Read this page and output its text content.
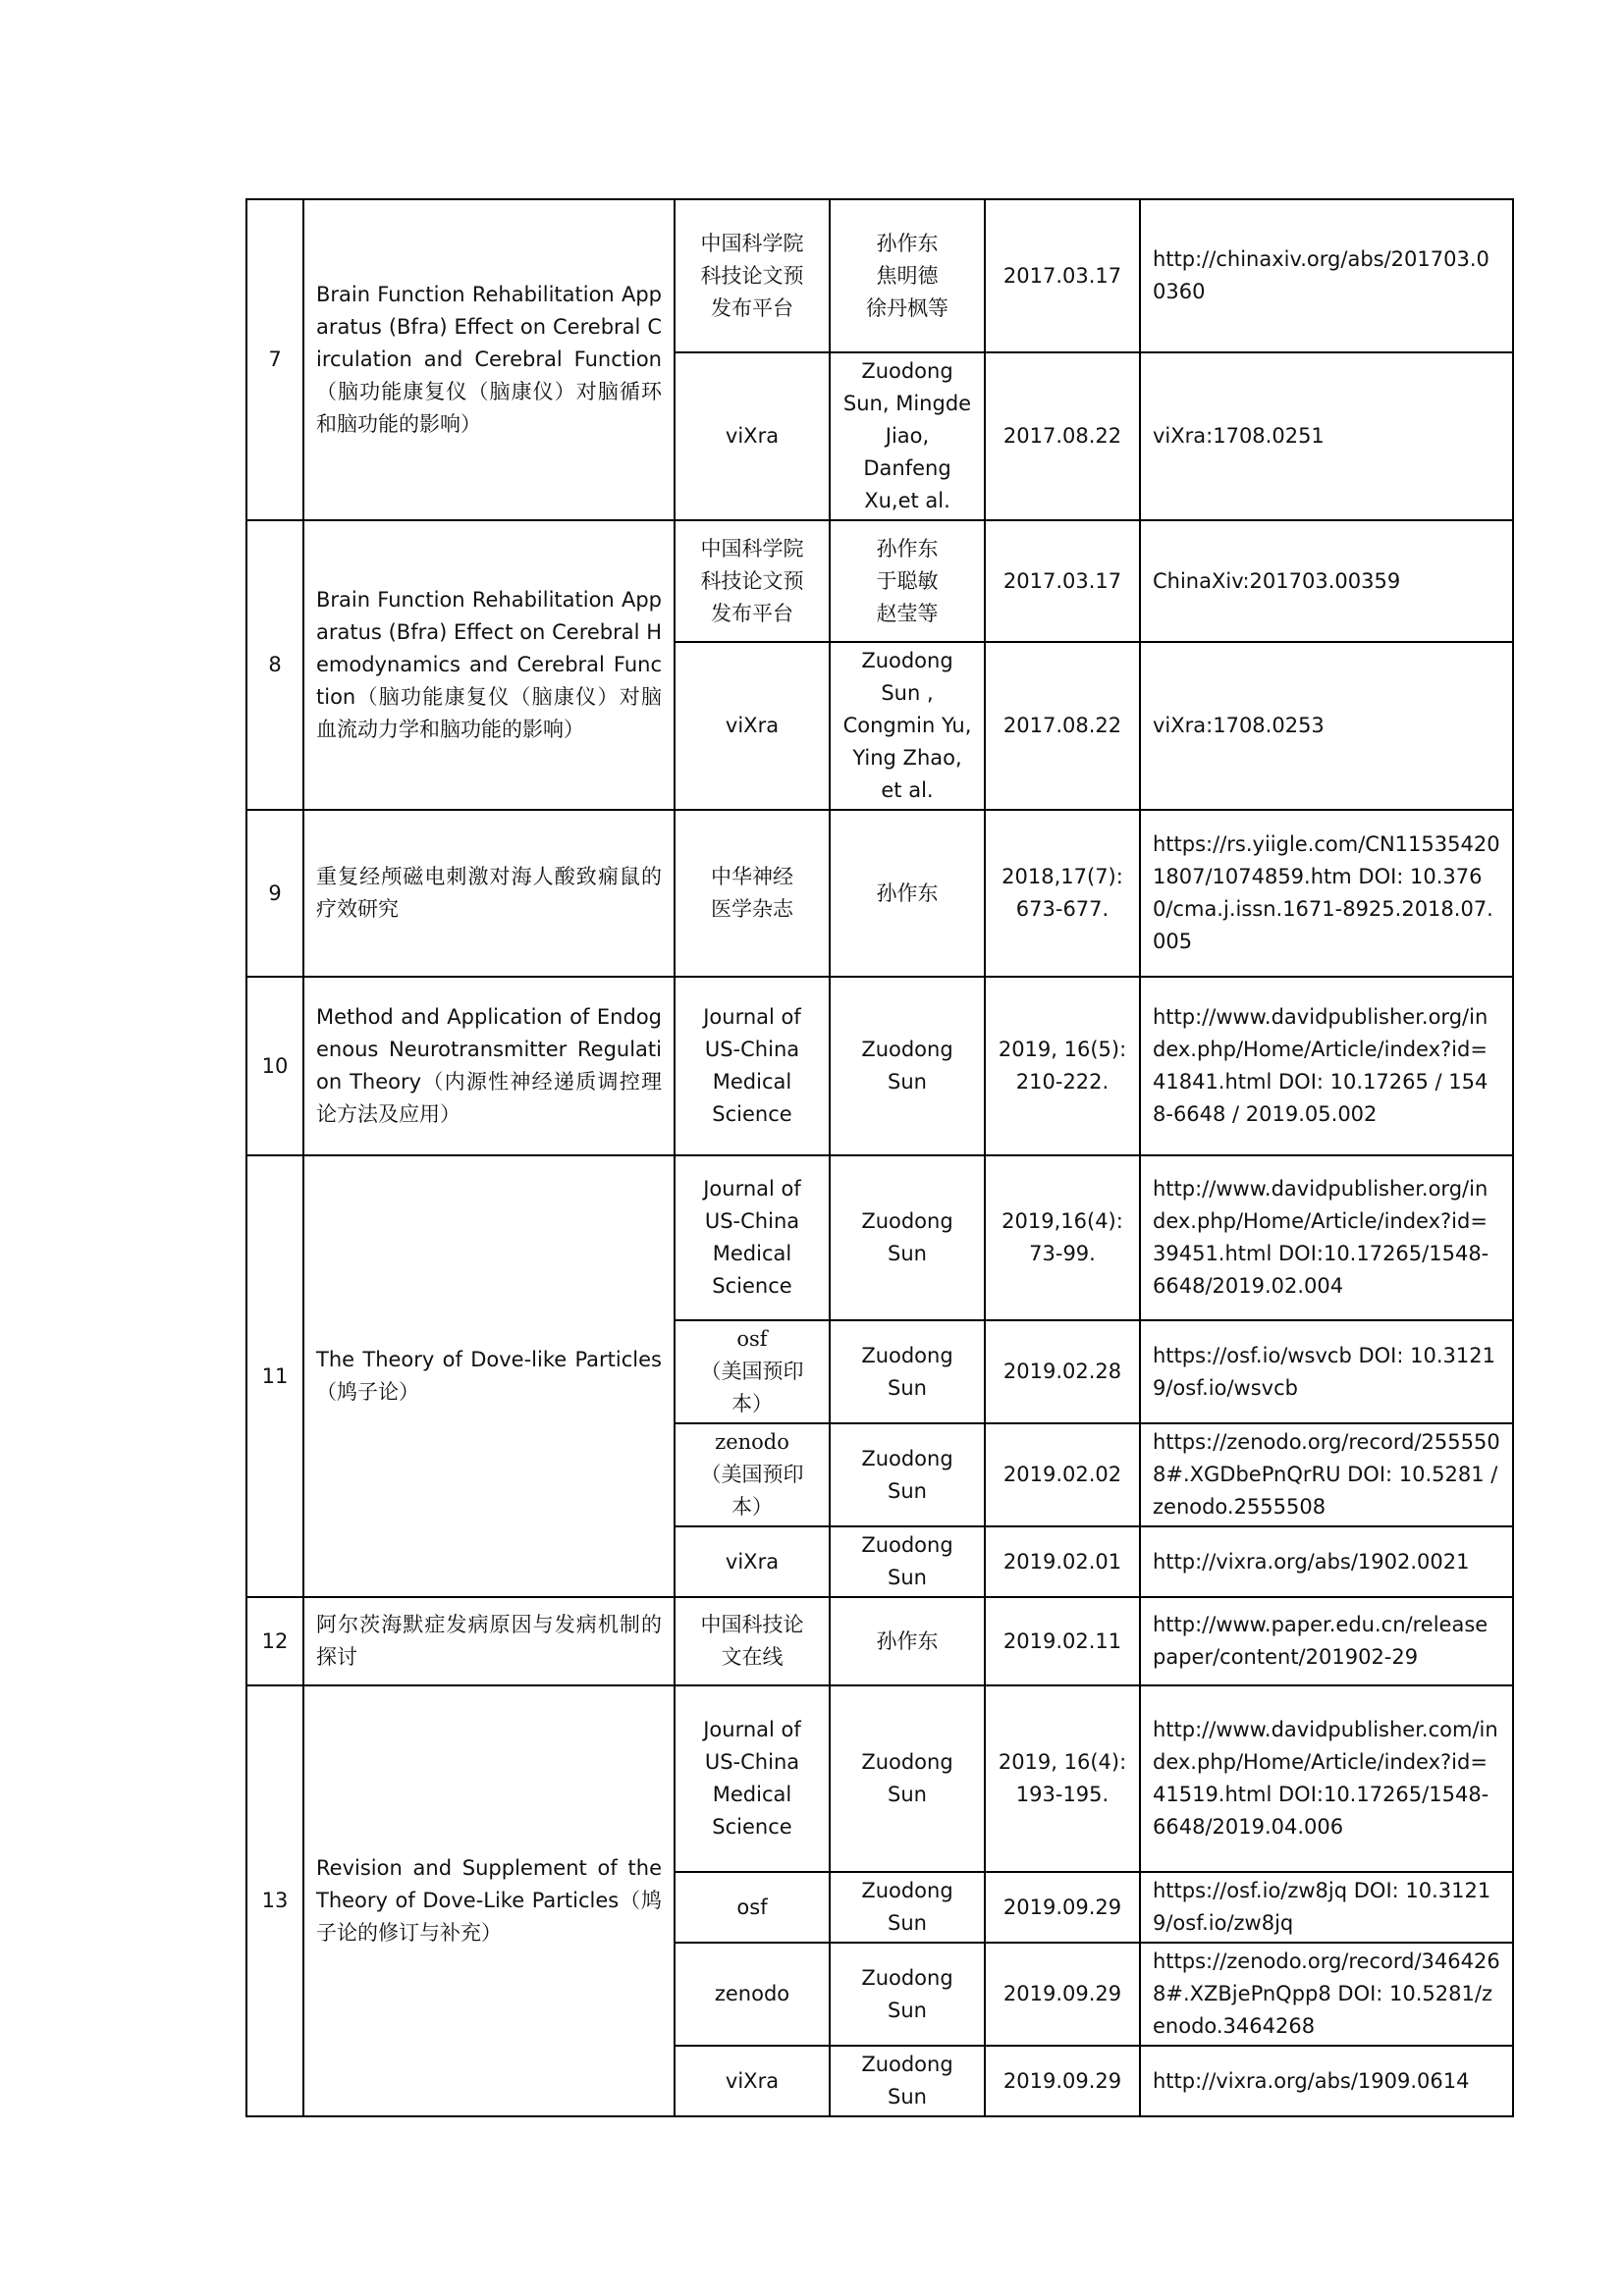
7	Brain Function Rehabilitation Apparatus (Bfra) Effect on Cerebral Circulation and Cerebral Function（脑功能康复仪（脑康仪）对脑循环和脑功能的影响）	中国科学院
科技论文预
发布平台	孙作东
焦明德
徐丹枫等	2017.03.17	http://chinaxiv.org/abs/201703.00360

		viXra	Zuodong
Sun, Mingde
Jiao,
Danfeng
Xu,et al.	2017.08.22	viXra:1708.0251
8	Brain Function Rehabilitation Apparatus (Bfra) Effect on Cerebral Hemodynamics and Cerebral Function（脑功能康复仪（脑康仪）对脑血流动力学和脑功能的影响）	中国科学院
科技论文预
发布平台	孙作东
于聪敏
赵莹等	2017.03.17	ChinaXiv:201703.00359

		viXra	Zuodong
Sun ,
Congmin Yu,
Ying Zhao,
et al.	2017.08.22	viXra:1708.0253
9	重复经颅磁电刺激对海人酸致痫鼠的疗效研究	中华神经
医学杂志	孙作东	2018,17(7):
673-677.	https://rs.yiigle.com/CN115354201807/1074859.htm DOI: 10.3760/cma.j.issn.1671-8925.2018.07.005
10	Method and Application of Endogenous Neurotransmitter Regulation Theory（内源性神经递质调控理论方法及应用）	Journal of
US-China
Medical
Science	Zuodong
Sun	2019, 16(5):
210-222.	http://www.davidpublisher.org/index.php/Home/Article/index?id=41841.html DOI: 10.17265 / 1548-6648 / 2019.05.002
11	The Theory of Dove-like Particles（鸠子论）	Journal of
US-China
Medical
Science	Zuodong
Sun	2019,16(4):
73-99.	http://www.davidpublisher.org/index.php/Home/Article/index?id=39451.html DOI:10.17265/1548-6648/2019.02.004

		osf
（美国预印
本）	Zuodong
Sun	2019.02.28	https://osf.io/wsvcb DOI: 10.31219/osf.io/wsvcb

		zenodo
（美国预印
本）	Zuodong
Sun	2019.02.02	https://zenodo.org/record/2555508#.XGDbePnQrRU DOI: 10.5281 / zenodo.2555508

		viXra	Zuodong
Sun	2019.02.01	http://vixra.org/abs/1902.0021
12	阿尔茨海默症发病原因与发病机制的探讨	中国科技论
文在线	孙作东	2019.02.11	http://www.paper.edu.cn/releasepaper/content/201902-29
13	Revision and Supplement of the Theory of Dove-Like Particles（鸠子论的修订与补充）	Journal of
US-China
Medical
Science	Zuodong
Sun	2019, 16(4):
193-195.	http://www.davidpublisher.com/index.php/Home/Article/index?id=41519.html DOI:10.17265/1548-6648/2019.04.006

		osf	Zuodong
Sun	2019.09.29	https://osf.io/zw8jq DOI: 10.31219/osf.io/zw8jq

		zenodo	Zuodong
Sun	2019.09.29	https://zenodo.org/record/3464268#.XZBjePnQpp8 DOI: 10.5281/zenodo.3464268

		viXra	Zuodong
Sun	2019.09.29	http://vixra.org/abs/1909.0614
